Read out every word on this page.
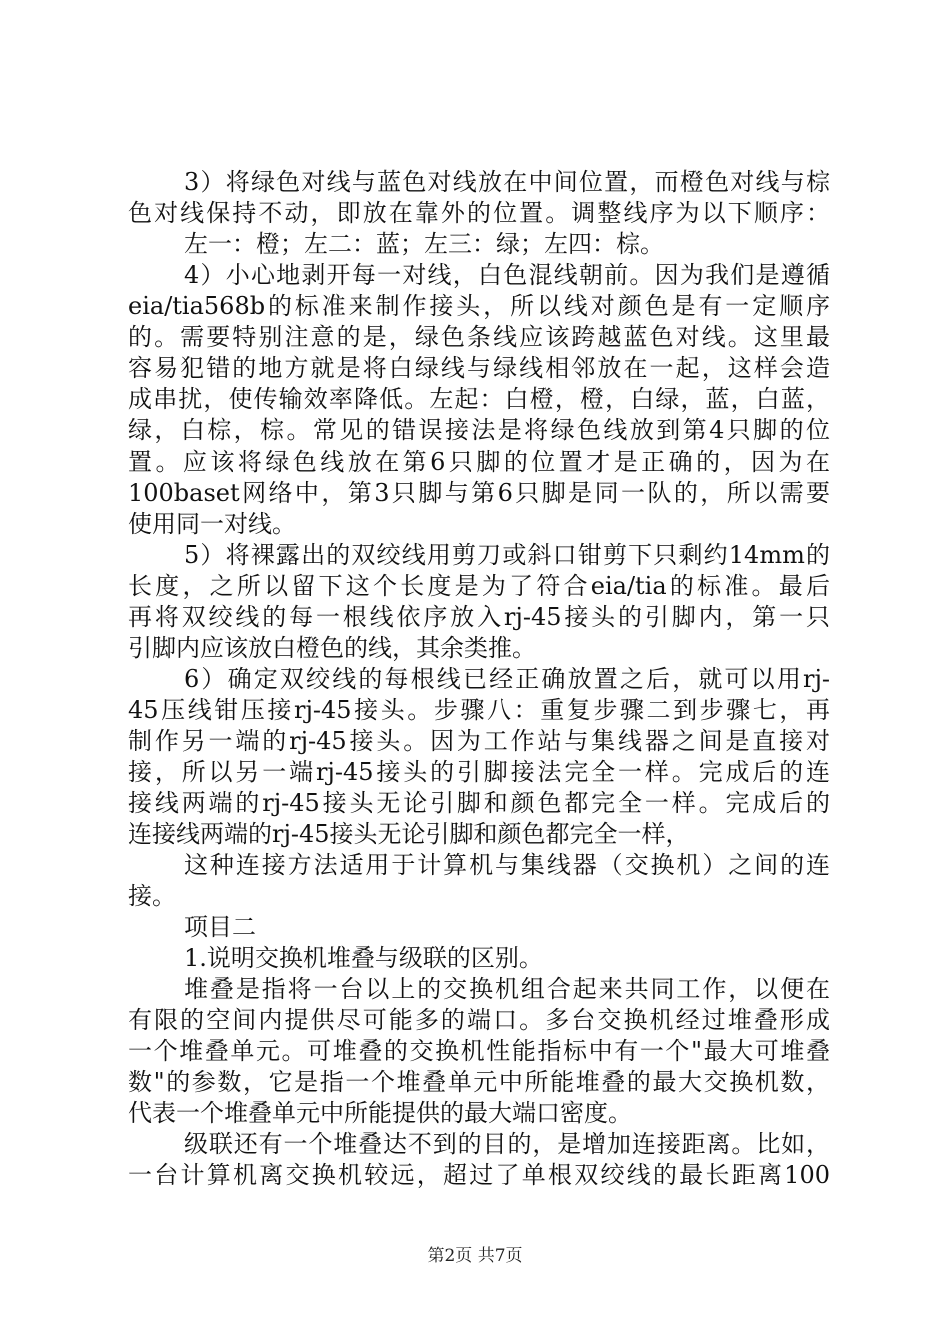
3）将绿色对线与蓝色对线放在中间位置，而橙色对线与棕
色对线保持不动，即放在靠外的位置。调整线序为以下顺序：
左一：橙；左二：蓝；左三：绿；左四：棕。
4）小心地剥开每一对线，白色混线朝前。因为我们是遵循
eia/tia568b的标准来制作接头，所以线对颜色是有一定顺序
的。需要特别注意的是，绿色条线应该跨越蓝色对线。这里最
容易犯错的地方就是将白绿线与绿线相邻放在一起，这样会造
成串扰，使传输效率降低。左起：白橙，橙，白绿，蓝，白蓝，
绿，白棕，棕。常见的错误接法是将绿色线放到第4只脚的位
置。应该将绿色线放在第6只脚的位置才是正确的，因为在
100baset网络中，第3只脚与第6只脚是同一队的，所以需要
使用同一对线。
5）将裸露出的双绞线用剪刀或斜口钳剪下只剩约14mm的
长度，之所以留下这个长度是为了符合eia/tia的标准。最后
再将双绞线的每一根线依序放入rj-45接头的引脚内，第一只
引脚内应该放白橙色的线，其余类推。
6）确定双绞线的每根线已经正确放置之后，就可以用rj-
45压线钳压接rj-45接头。步骤八：重复步骤二到步骤七，再
制作另一端的rj-45接头。因为工作站与集线器之间是直接对
接，所以另一端rj-45接头的引脚接法完全一样。完成后的连
接线两端的rj-45接头无论引脚和颜色都完全一样。完成后的
连接线两端的rj-45接头无论引脚和颜色都完全一样，
这种连接方法适用于计算机与集线器（交换机）之间的连
接。
项目二
1.说明交换机堆叠与级联的区别。
堆叠是指将一台以上的交换机组合起来共同工作，以便在
有限的空间内提供尽可能多的端口。多台交换机经过堆叠形成
一个堆叠单元。可堆叠的交换机性能指标中有一个"最大可堆叠
数"的参数，它是指一个堆叠单元中所能堆叠的最大交换机数，
代表一个堆叠单元中所能提供的最大端口密度。
级联还有一个堆叠达不到的目的，是增加连接距离。比如，
一台计算机离交换机较远，超过了单根双绞线的最长距离100
第2页 共7页
